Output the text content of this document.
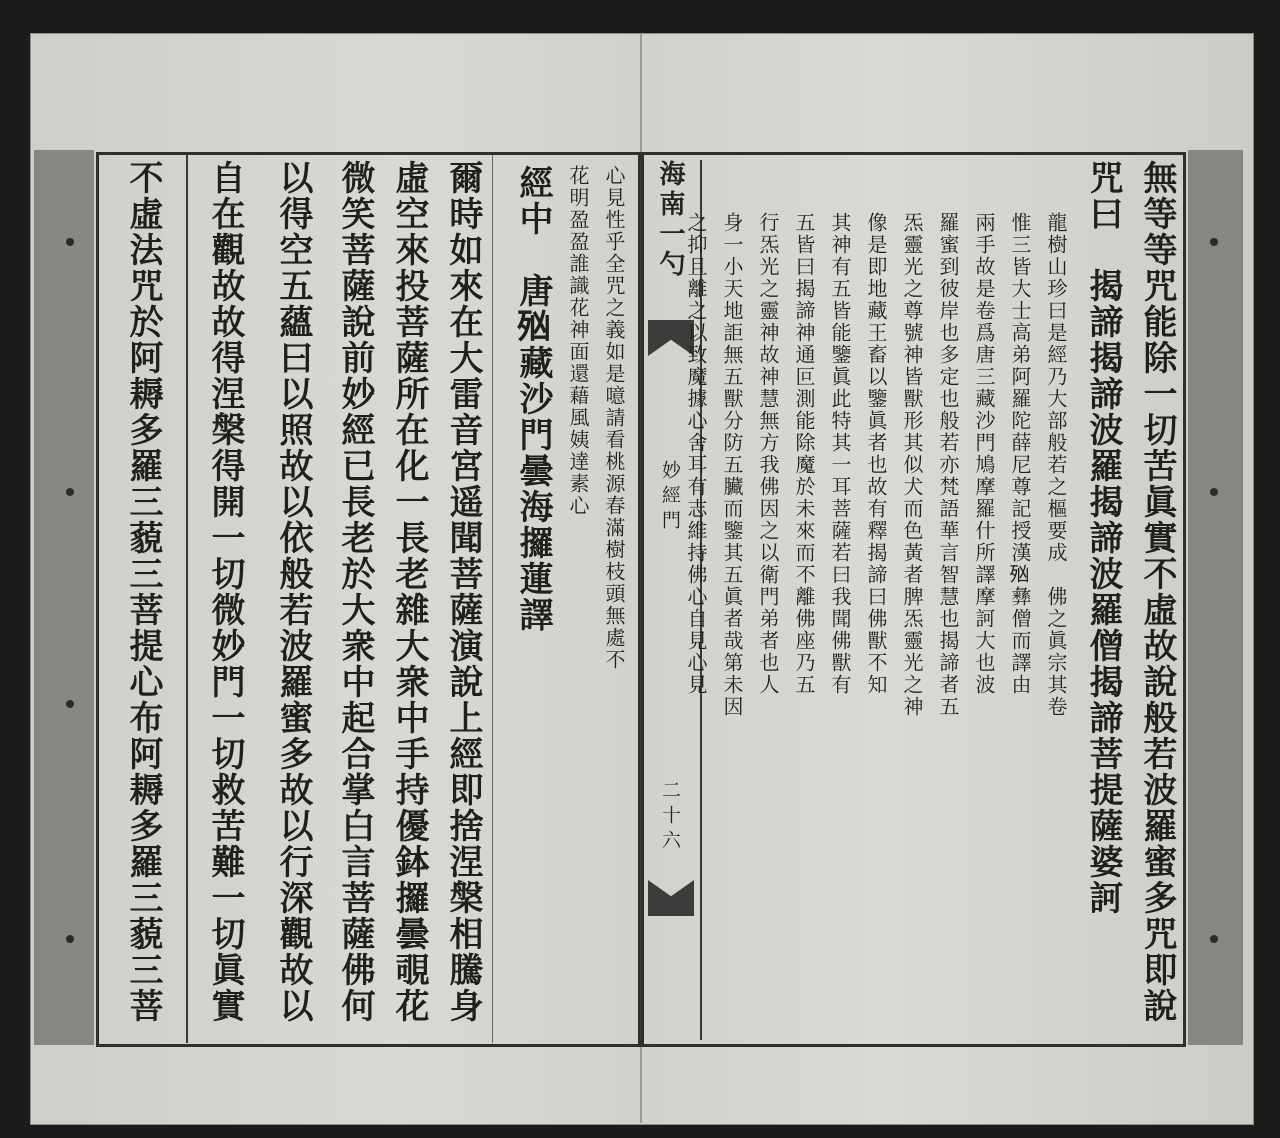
海南一勺
妙經門
二十六	無等等咒能除一切苦眞實不虛故說般若波羅蜜多咒即說
咒曰　揭諦揭諦波羅揭諦波羅僧揭諦菩提薩婆訶
龍樹山珍曰是經乃大部般若之樞要成　佛之眞宗其卷
惟三皆大士高弟阿羅陀薛尼尊記授漢𣧑彝僧而譯由
兩手故是卷爲唐三藏沙門鳩摩羅什所譯摩訶大也波
羅蜜到彼岸也多定也般若亦梵語華言智慧也揭諦者五
炁靈光之尊號神皆獸形其似犬而色黃者脾炁靈光之神
像是即地藏王畜以鑒眞者也故有釋揭諦曰佛獸不知
其神有五皆能鑒眞此特其一耳菩薩若曰我聞佛獸有
五皆曰揭諦神通叵測能除魔於未來而不離佛座乃五
行炁光之靈神故神慧無方我佛因之以衛門弟者也人
身一小天地詎無五獸分防五臟而鑒其五眞者哉第未因
之抑且離之以致魔據心舍耳有志維持佛心自見心見
心見性乎全咒之義如是噫請看桃源春滿樹枝頭無處不
花明盈盈誰識花神面還藉風姨達素心
經中　唐𣧑藏沙門曇海攞蓮譯
爾時如來在大雷音宮遥聞菩薩演說上經即捨涅槃相騰身
虛空來投菩薩所在化一長老雜大衆中手持優鉢攞曇覗花
微笑菩薩說前妙經已長老於大衆中起合掌白言菩薩佛何
以得空五蘊曰以照故以依般若波羅蜜多故以行深觀故以
自在觀故故得涅槃得開一切微妙門一切救苦難一切眞實
不虛法咒於阿耨多羅三藐三菩提心布阿耨多羅三藐三菩
